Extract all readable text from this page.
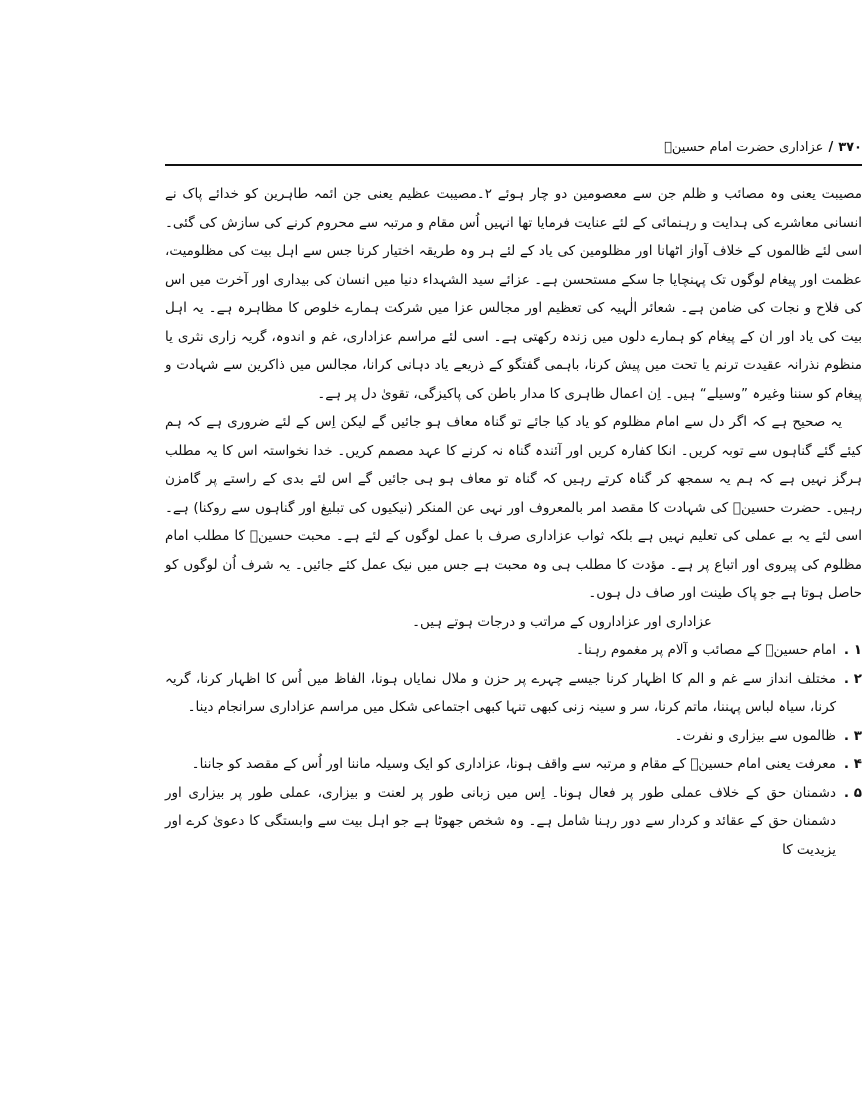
۳۷۰/عزاداری حضرت امام حسینؑ

مصیبت یعنی وہ مصائب و ظلم جن سے معصومین دو چار ہوئے ۲۔مصیبت عظیم یعنی جن ائمہ طاہرین کو خدائے پاک نے انسانی معاشرے کی ہدایت و رہنمائی کے لئے عنایت فرمایا تھا انہیں اُس مقام و مرتبہ سے محروم کرنے کی سازش کی گئی۔ اسی لئے ظالموں کے خلاف آواز اٹھانا اور مظلومین کی یاد کے لئے ہر وہ طریقہ اختیار کرنا جس سے اہل بیت کی مظلومیت، عظمت اور پیغام لوگوں تک پہنچایا جا سکے مستحسن ہے۔ عزائے سید الشہداء دنیا میں انسان کی بیداری اور آخرت میں اس کی فلاح و نجات کی ضامن ہے۔ شعائر الٰہیہ کی تعظیم اور مجالس عزا میں شرکت ہمارے خلوص کا مظاہرہ ہے۔ یہ اہل بیت کی یاد اور ان کے پیغام کو ہمارے دلوں میں زندہ رکھتی ہے۔ اسی لئے مراسم عزاداری، غم و اندوہ، گریہ زاری نثری یا منظوم نذرانہ عقیدت ترنم یا تحت میں پیش کرنا، باہمی گفتگو کے ذریعے یاد دہانی کرانا، مجالس میں ذاکرین سے شہادت و پیغام کو سننا وغیرہ ”وسیلے“ ہیں۔ اِن اعمال ظاہری کا مدار باطن کی پاکیزگی، تقویٰ دل پر ہے۔

یہ صحیح ہے کہ اگر دل سے امام مظلوم کو یاد کیا جائے تو گناہ معاف ہو جائیں گے لیکن اِس کے لئے ضروری ہے کہ ہم کیئے گئے گناہوں سے توبہ کریں۔ انکا کفارہ کریں اور آئندہ گناہ نہ کرنے کا عہد مصمم کریں۔ خدا نخواستہ اس کا یہ مطلب ہرگز نہیں ہے کہ ہم یہ سمجھ کر گناہ کرتے رہیں کہ گناہ تو معاف ہو ہی جائیں گے اس لئے بدی کے راستے پر گامزن رہیں۔ حضرت حسینؑ کی شہادت کا مقصد امر بالمعروف اور نہی عن المنکر (نیکیوں کی تبلیغ اور گناہوں سے روکنا) ہے۔ اسی لئے یہ بے عملی کی تعلیم نہیں ہے بلکہ ثواب عزاداری صرف با عمل لوگوں کے لئے ہے۔ محبت حسینؑ کا مطلب امام مظلوم کی پیروی اور اتباع پر ہے۔ مؤدت کا مطلب ہی وہ محبت ہے جس میں نیک عمل کئے جائیں۔ یہ شرف اُن لوگوں کو حاصل ہوتا ہے جو پاک طینت اور صاف دل ہوں۔

عزاداری اور عزاداروں کے مراتب و درجات ہوتے ہیں۔

۱ .
امام حسینؑ کے مصائب و آلام پر مغموم رہنا۔
۲ .
مختلف انداز سے غم و الم کا اظہار کرنا جیسے چہرے پر حزن و ملال نمایاں ہونا، الفاظ میں اُس کا اظہار کرنا، گریہ کرنا، سیاہ لباس پہننا، ماتم کرنا، سر و سینہ زنی کبھی تنہا کبھی اجتماعی شکل میں مراسم عزاداری سرانجام دینا۔
۳ .
ظالموں سے بیزاری و نفرت۔
۴ .
معرفت یعنی امام حسینؑ کے مقام و مرتبہ سے واقف ہونا، عزاداری کو ایک وسیلہ ماننا اور اُس کے مقصد کو جاننا۔
۵ .
دشمنان حق کے خلاف عملی طور پر فعال ہونا۔ اِس میں زبانی طور پر لعنت و بیزاری، عملی طور پر بیزاری اور دشمنان حق کے عقائد و کردار سے دور رہنا شامل ہے۔ وہ شخص جھوٹا ہے جو اہل بیت سے وابستگی کا دعویٰ کرے اور یزیدیت کا
